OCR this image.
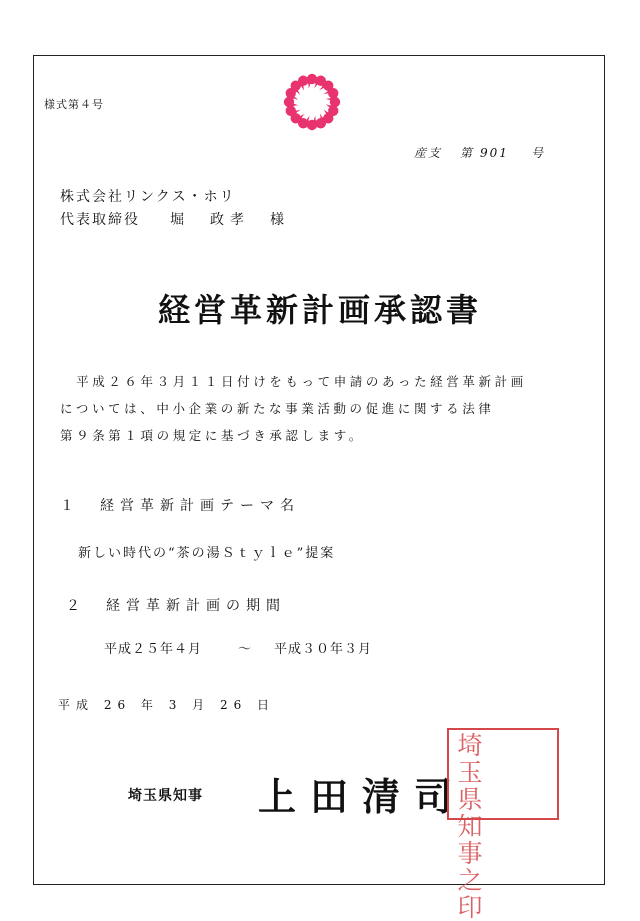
様式第４号
産支 第 901 号
株式会社リンクス・ホリ
代表取締役 堀　政孝　様
経営革新計画承認書
　平成２６年３月１１日付けをもって申請のあった経営革新計画
については、中小企業の新たな事業活動の促進に関する法律
第９条第１項の規定に基づき承認します。
１　経営革新計画テーマ名
新しい時代の“茶の湯Ｓｔｙｌｅ”提案
２　経営革新計画の期間
平成２５年４月	～ 平成３０年３月
平成 26 年 3 月 26 日
埼玉県知事 上田清司
埼玉県知事之印
